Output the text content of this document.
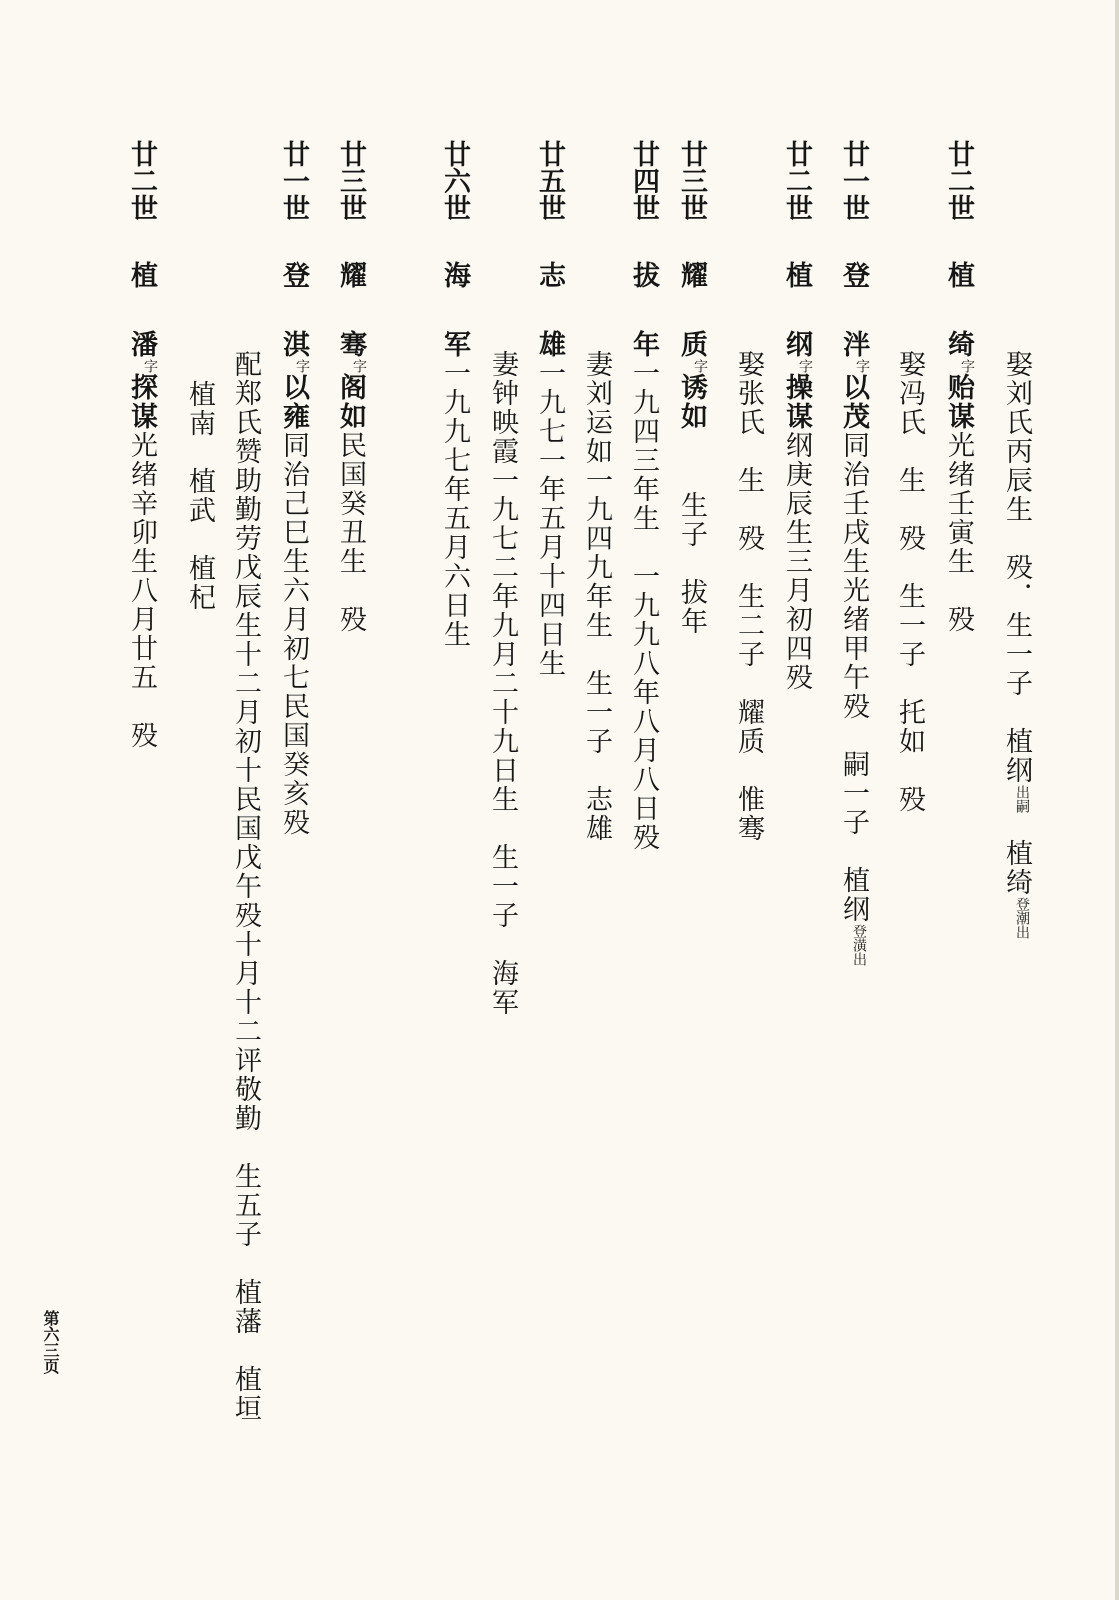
廿二世植绮字贻谋光绪壬寅生　殁 娶刘氏丙辰生　殁．生一子　植纲出嗣植绮登潮出
廿一世登泮字以茂同治壬戌生光绪甲午殁　嗣一子　植纲登潢出
娶冯氏　生　殁　生一子　托如　殁
廿二世植纲字操谋纲庚辰生三月初四殁
娶张氏　生　殁　生二子　耀质　惟骞
廿三世耀质字诱如生子　拔年
廿四世拔年一九四三年生　一九九八年八月八日殁
妻刘运如一九四九年生　生一子　志雄
廿五世志雄一九七一年五月十四日生
妻钟映霞一九七二年九月二十九日生　生一子　海军
廿六世海军一九九七年五月六日生
廿三世耀骞字阁如民国癸丑生　殁
廿一世登淇字以雍同治己巳生六月初七民国癸亥殁
配郑氏赞助勤劳戊辰生十二月初十民国戊午殁十月十二评敬勤　生五子　植藩　植垣
植南　植武　植杞
廿二世植潘字探谋光绪辛卯生八月廿五　殁
第六三页
